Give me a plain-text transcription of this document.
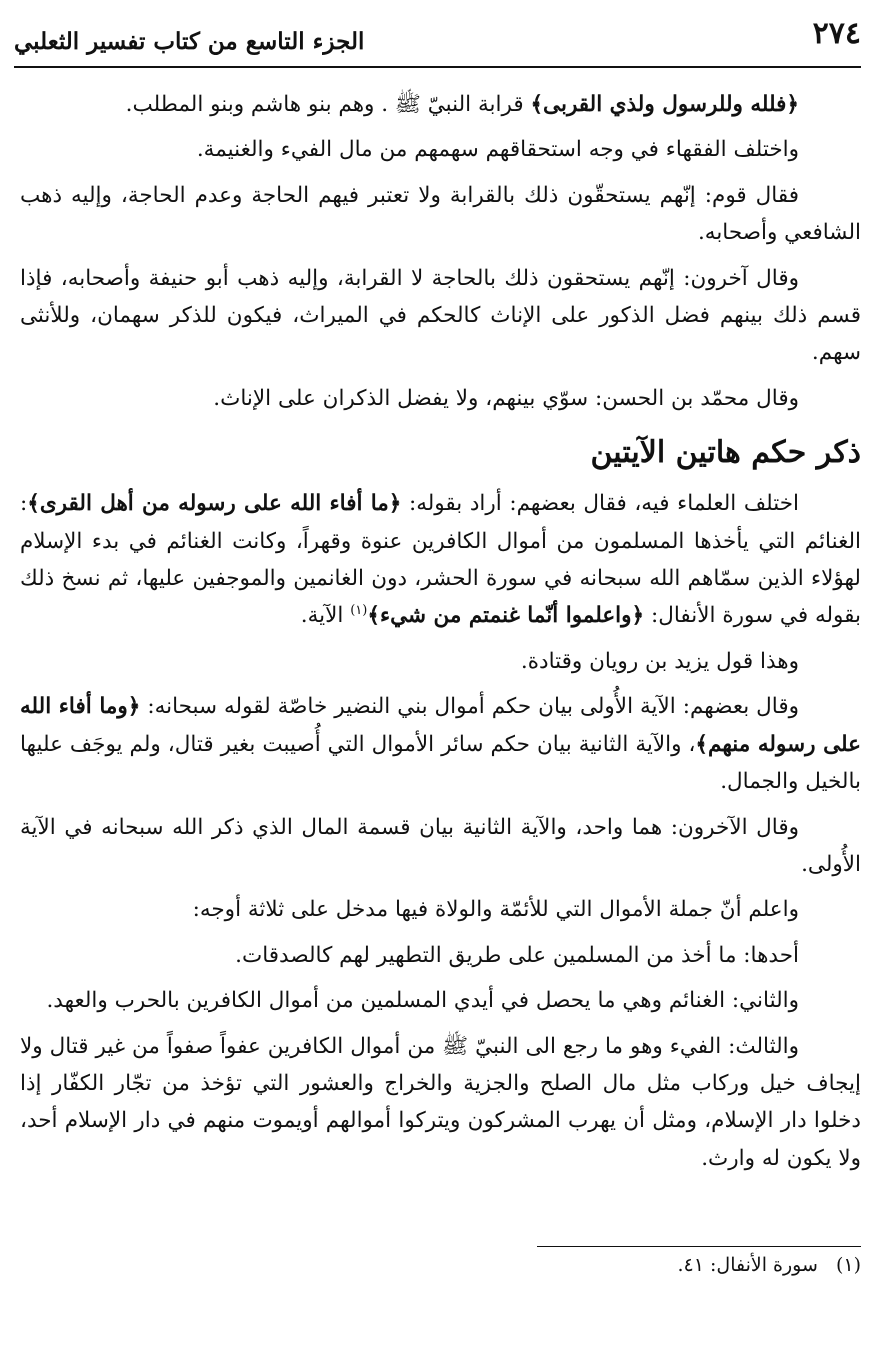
٢٧٤
الجزء التاسع من كتاب تفسير الثعلبي

﴿فلله وللرسول ولذي القربى﴾ قرابة النبيّ ﷺ . وهم بنو هاشم وبنو المطلب.

واختلف الفقهاء في وجه استحقاقهم سهمهم من مال الفيء والغنيمة.

فقال قوم: إنّهم يستحقّون ذلك بالقرابة ولا تعتبر فيهم الحاجة وعدم الحاجة، وإليه ذهب الشافعي وأصحابه.

وقال آخرون: إنّهم يستحقون ذلك بالحاجة لا القرابة، وإليه ذهب أبو حنيفة وأصحابه، فإذا قسم ذلك بينهم فضل الذكور على الإناث كالحكم في الميراث، فيكون للذكر سهمان، وللأنثى سهم.

وقال محمّد بن الحسن: سوّي بينهم، ولا يفضل الذكران على الإناث.

ذكر حكم هاتين الآيتين

اختلف العلماء فيه، فقال بعضهم: أراد بقوله: ﴿ما أفاء الله على رسوله من أهل القرى﴾: الغنائم التي يأخذها المسلمون من أموال الكافرين عنوة وقهراً، وكانت الغنائم في بدء الإسلام لهؤلاء الذين سمّاهم الله سبحانه في سورة الحشر، دون الغانمين والموجفين عليها، ثم نسخ ذلك بقوله في سورة الأنفال: ﴿واعلموا أنّما غنمتم من شيء﴾$^{(١)}$ الآية.

وهذا قول يزيد بن رويان وقتادة.

وقال بعضهم: الآية الأُولى بيان حكم أموال بني النضير خاصّة لقوله سبحانه: ﴿وما أفاء الله على رسوله منهم﴾، والآية الثانية بيان حكم سائر الأموال التي أُصيبت بغير قتال، ولم يوجَف عليها بالخيل والجمال.

وقال الآخرون: هما واحد، والآية الثانية بيان قسمة المال الذي ذكر الله سبحانه في الآية الأُولى.

واعلم أنّ جملة الأموال التي للأئمّة والولاة فيها مدخل على ثلاثة أوجه:

أحدها: ما أخذ من المسلمين على طريق التطهير لهم كالصدقات.

والثاني: الغنائم وهي ما يحصل في أيدي المسلمين من أموال الكافرين بالحرب والعهد.

والثالث: الفيء وهو ما رجع الى النبيّ ﷺ من أموال الكافرين عفواً صفواً من غير قتال ولا إيجاف خيل وركاب مثل مال الصلح والجزية والخراج والعشور التي تؤخذ من تجّار الكفّار إذا دخلوا دار الإسلام، ومثل أن يهرب المشركون ويتركوا أموالهم أويموت منهم في دار الإسلام أحد، ولا يكون له وارث.

(١)سورة الأنفال: ٤١.
